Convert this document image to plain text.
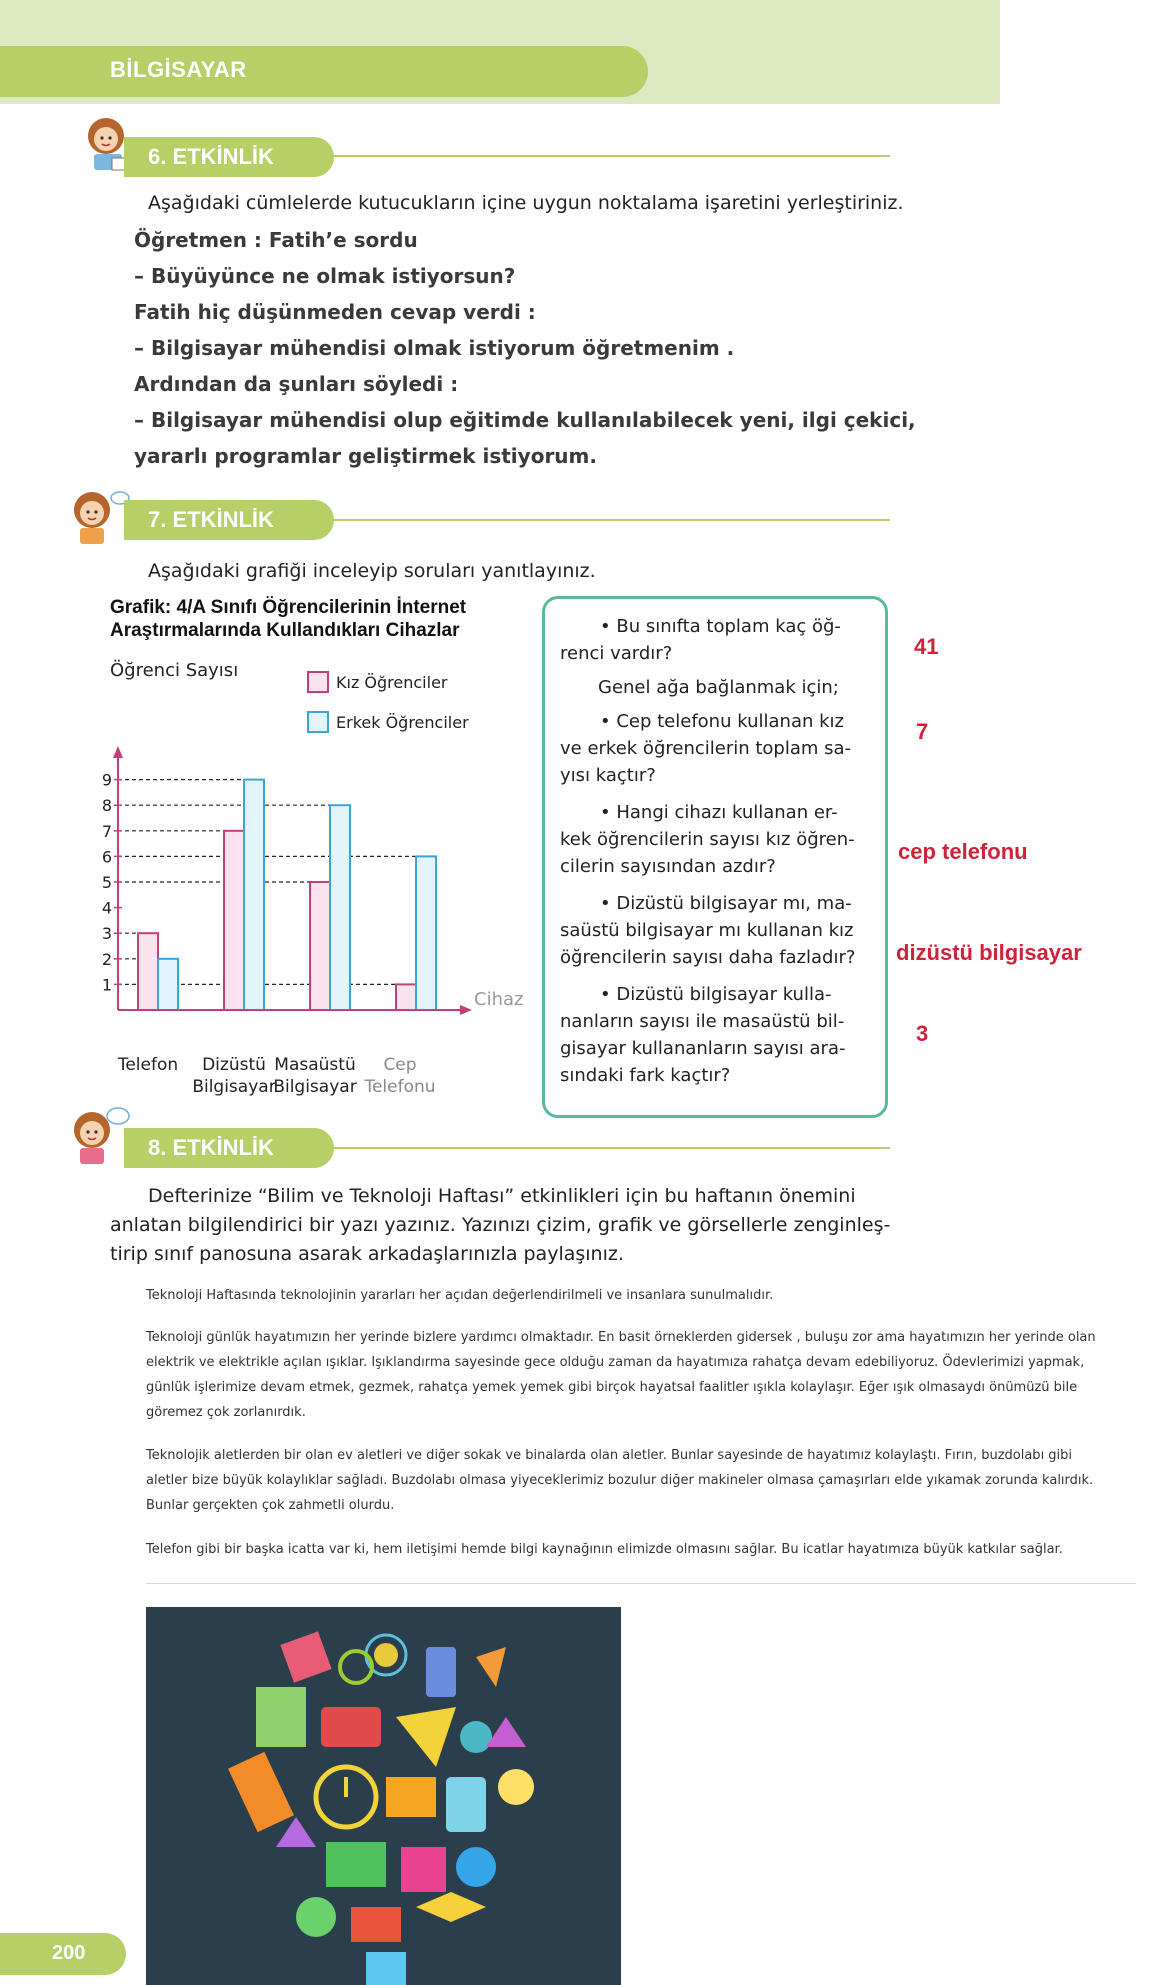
BİLGİSAYAR
6. ETKİNLİK
Aşağıdaki cümlelerde kutucukların içine uygun noktalama işaretini yerleştiriniz.
Öğretmen : Fatih’e sordu
– Büyüyünce ne olmak istiyorsun?
Fatih hiç düşünmeden cevap verdi :
– Bilgisayar mühendisi olmak istiyorum öğretmenim .
Ardından da şunları söyledi :
– Bilgisayar mühendisi olup eğitimde kullanılabilecek yeni, ilgi çekici,
yararlı programlar geliştirmek istiyorum.
7. ETKİNLİK
Aşağıdaki grafiği inceleyip soruları yanıtlayınız.
Grafik: 4/A Sınıfı Öğrencilerinin İnternet
Araştırmalarında Kullandıkları Cihazlar
Öğrenci Sayısı
Cihaz
Kız Öğrenciler
Erkek Öğrenciler
1
2
3
4
5
6
7
8
9
Telefon Dizüstü
Bilgisayar
Masaüstü
Bilgisayar
Cep
Telefonu
• Bu sınıfta toplam kaç öğ-
renci vardır?
Genel ağa bağlanmak için;
• Cep telefonu kullanan kız
ve erkek öğrencilerin toplam sa-
yısı kaçtır?
• Hangi cihazı kullanan er-
kek öğrencilerin sayısı kız öğren-
cilerin sayısından azdır?
• Dizüstü bilgisayar mı, ma-
saüstü bilgisayar mı kullanan kız
öğrencilerin sayısı daha fazladır?
• Dizüstü bilgisayar kulla-
nanların sayısı ile masaüstü bil-
gisayar kullananların sayısı ara-
sındaki fark kaçtır?
41
7
cep telefonu
dizüstü bilgisayar
3
8. ETKİNLİK
Defterinize “Bilim ve Teknoloji Haftası” etkinlikleri için bu haftanın önemini
anlatan bilgilendirici bir yazı yazınız. Yazınızı çizim, grafik ve görsellerle zenginleş-
tirip sınıf panosuna asarak arkadaşlarınızla paylaşınız.
Teknoloji Haftasında teknolojinin yararları her açıdan değerlendirilmeli ve insanlara sunulmalıdır.
Teknoloji günlük hayatımızın her yerinde bizlere yardımcı olmaktadır. En basit örneklerden gidersek , buluşu zor ama hayatımızın her yerinde olan
elektrik ve elektrikle açılan ışıklar. Işıklandırma sayesinde gece olduğu zaman da hayatımıza rahatça devam edebiliyoruz. Ödevlerimizi yapmak,
günlük işlerimize devam etmek, gezmek, rahatça yemek yemek gibi birçok hayatsal faalitler ışıkla kolaylaşır. Eğer ışık olmasaydı önümüzü bile
göremez çok zorlanırdık.
Teknolojik aletlerden bir olan ev aletleri ve diğer sokak ve binalarda olan aletler. Bunlar sayesinde de hayatımız kolaylaştı. Fırın, buzdolabı gibi
aletler bize büyük kolaylıklar sağladı. Buzdolabı olmasa yiyeceklerimiz bozulur diğer makineler olmasa çamaşırları elde yıkamak zorunda kalırdık.
Bunlar gerçekten çok zahmetli olurdu.
Telefon gibi bir başka icatta var ki, hem iletişimi hemde bilgi kaynağının elimizde olmasını sağlar. Bu icatlar hayatımıza büyük katkılar sağlar.
200
